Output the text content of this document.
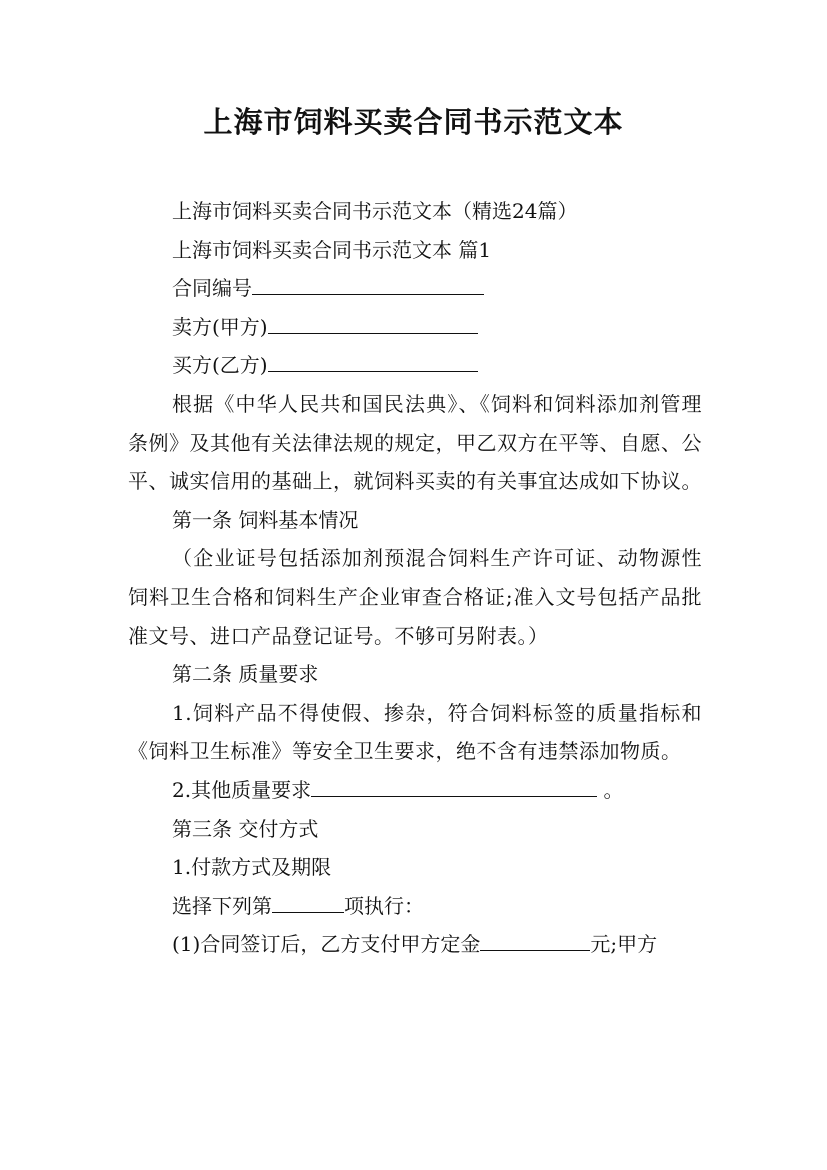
上海市饲料买卖合同书示范文本

上海市饲料买卖合同书示范文本（精选24篇）

上海市饲料买卖合同书示范文本 篇1

合同编号

卖方(甲方)

买方(乙方)

根据《中华人民共和国民法典》、《饲料和饲料添加剂管理条例》及其他有关法律法规的规定，甲乙双方在平等、自愿、公平、诚实信用的基础上，就饲料买卖的有关事宜达成如下协议。

第一条 饲料基本情况

（企业证号包括添加剂预混合饲料生产许可证、动物源性饲料卫生合格和饲料生产企业审查合格证;准入文号包括产品批准文号、进口产品登记证号。不够可另附表。）

第二条 质量要求

1.饲料产品不得使假、掺杂，符合饲料标签的质量指标和《饲料卫生标准》等安全卫生要求，绝不含有违禁添加物质。

2.其他质量要求	。

第三条 交付方式

1.付款方式及期限

选择下列第	项执行：

(1)合同签订后，乙方支付甲方定金	元;甲方
